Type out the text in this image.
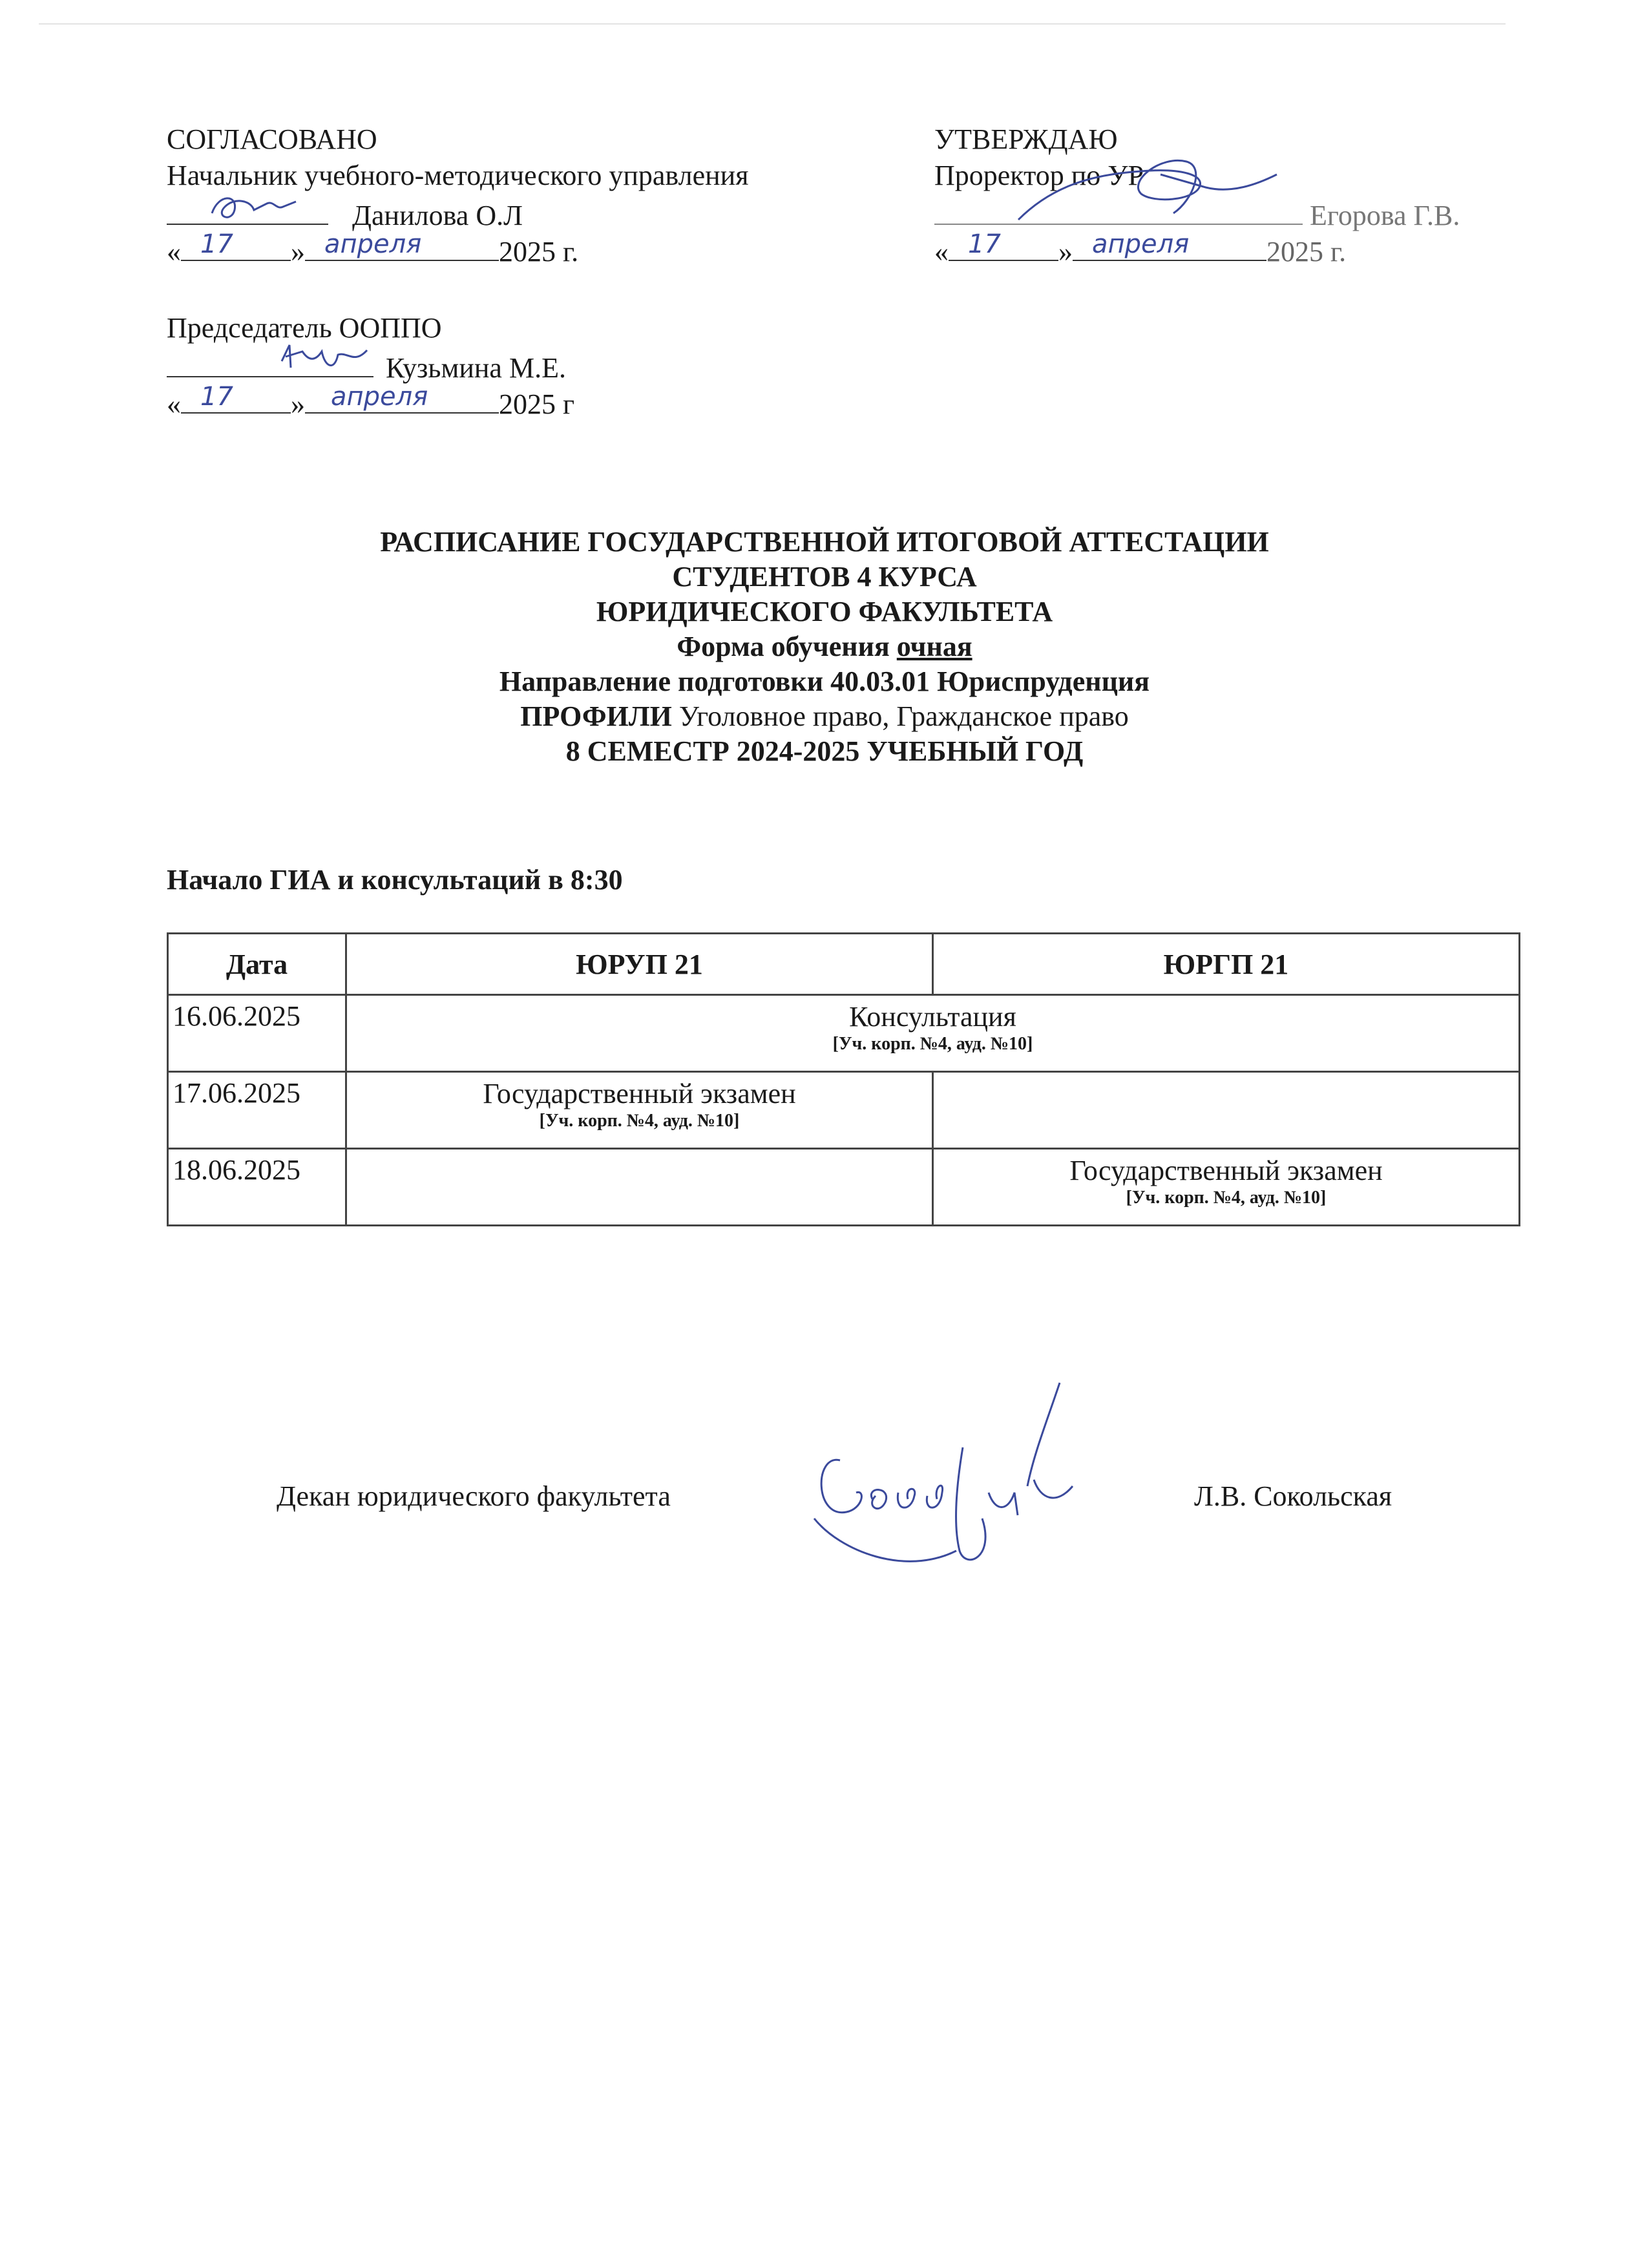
СОГЛАСОВАНО
Начальник учебного-методического управления
Данилова О.Л
« 17 » апреля	2025 г.
Председатель ООППО
Кузьмина М.Е.
« 17 » апреля 2025 г
УТВЕРЖДАЮ
Проректор по УР
Егорова Г.В.
« 17 » апреля	2025 г.
РАСПИСАНИЕ ГОСУДАРСТВЕННОЙ ИТОГОВОЙ АТТЕСТАЦИИ
СТУДЕНТОВ 4 КУРСА
ЮРИДИЧЕСКОГО ФАКУЛЬТЕТА
Форма обучения очная
Направление подготовки 40.03.01 Юриспруденция
ПРОФИЛИ Уголовное право, Гражданское право
8 СЕМЕСТР 2024-2025 УЧЕБНЫЙ ГОД
Начало ГИА и консультаций в 8:30
Дата	ЮРУП 21	ЮРГП 21
16.06.2025	Консультация
[Уч. корп. №4, ауд. №10]	

17.06.2025	Государственный экзамен
[Уч. корп. №4, ауд. №10]	

18.06.2025		Государственный экзамен
[Уч. корп. №4, ауд. №10]
Декан юридического факультета	Л.В. Сокольская
